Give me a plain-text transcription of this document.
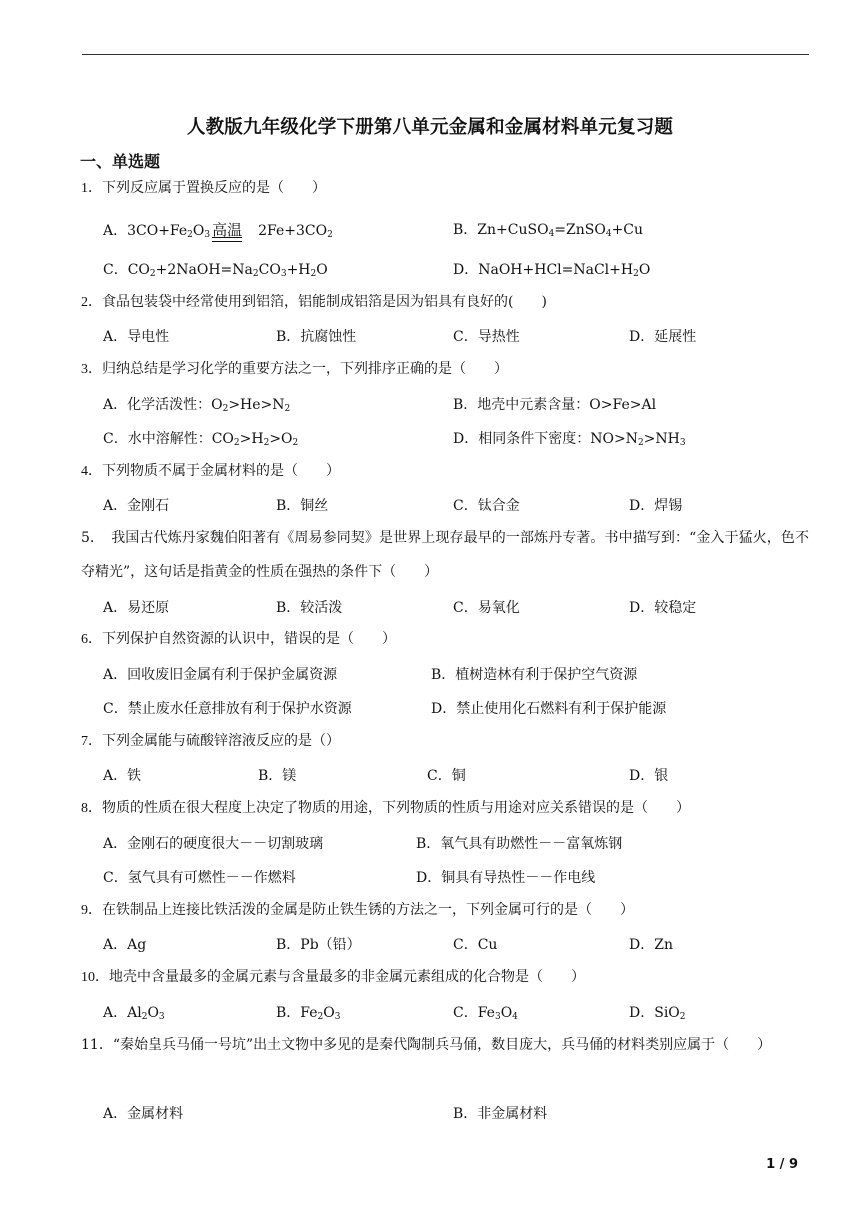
人教版九年级化学下册第八单元金属和金属材料单元复习题
一、单选题
1．下列反应属于置换反应的是（　　）
A．$3CO+Fe_2O_3$ 高温 $2Fe+3CO_2$	B．Zn+CuSO$_4$=ZnSO$_4$+Cu
C．$CO_2+2NaOH=Na_2CO_3+H_2O$	D．$NaOH+HCl=NaCl+H_2O$
2．食品包装袋中经常使用到铝箔，铝能制成铝箔是因为铝具有良好的(　　)
A．导电性	B．抗腐蚀性	C．导热性	D．延展性
3．归纳总结是学习化学的重要方法之一，下列排序正确的是（　　）
A．化学活泼性：$O_2>He>N_2$	B．地壳中元素含量：O>Fe>Al
C．水中溶解性：$CO_2>H_2>O_2$	D．相同条件下密度：$NO>N_2>NH_3$
4．下列物质不属于金属材料的是（　　）
A．金刚石	B．铜丝	C．钛合金	D．焊锡
5．　我国古代炼丹家魏伯阳著有《周易参同契》是世界上现存最早的一部炼丹专著。书中描写到：“金入于猛火，色不夺精光”，这句话是指黄金的性质在强热的条件下（　　）
A．易还原	B．较活泼	C．易氧化	D．较稳定
6．下列保护自然资源的认识中，错误的是（　　）
A．回收废旧金属有利于保护金属资源	B．植树造林有利于保护空气资源
C．禁止废水任意排放有利于保护水资源	D．禁止使用化石燃料有利于保护能源
7．下列金属能与硫酸锌溶液反应的是（）
A．铁	B．镁	C．铜	D．银
8．物质的性质在很大程度上决定了物质的用途，下列物质的性质与用途对应关系错误的是（　　）
A．金刚石的硬度很大－－切割玻璃	B．氧气具有助燃性－－富氧炼钢
C．氢气具有可燃性－－作燃料	D．铜具有导热性－－作电线
9．在铁制品上连接比铁活泼的金属是防止铁生锈的方法之一，下列金属可行的是（　　）
A．Ag	B．Pb（铅）	C．Cu	D．Zn
10．地壳中含量最多的金属元素与含量最多的非金属元素组成的化合物是（　　）
A．$Al_2O_3$	B．$Fe_2O_3$	C．$Fe_3O_4$	D．SiO$_2$
11．“秦始皇兵马俑一号坑”出土文物中多见的是秦代陶制兵马俑，数目庞大，兵马俑的材料类别应属于（　　）
A．金属材料	B．非金属材料
1 / 9
